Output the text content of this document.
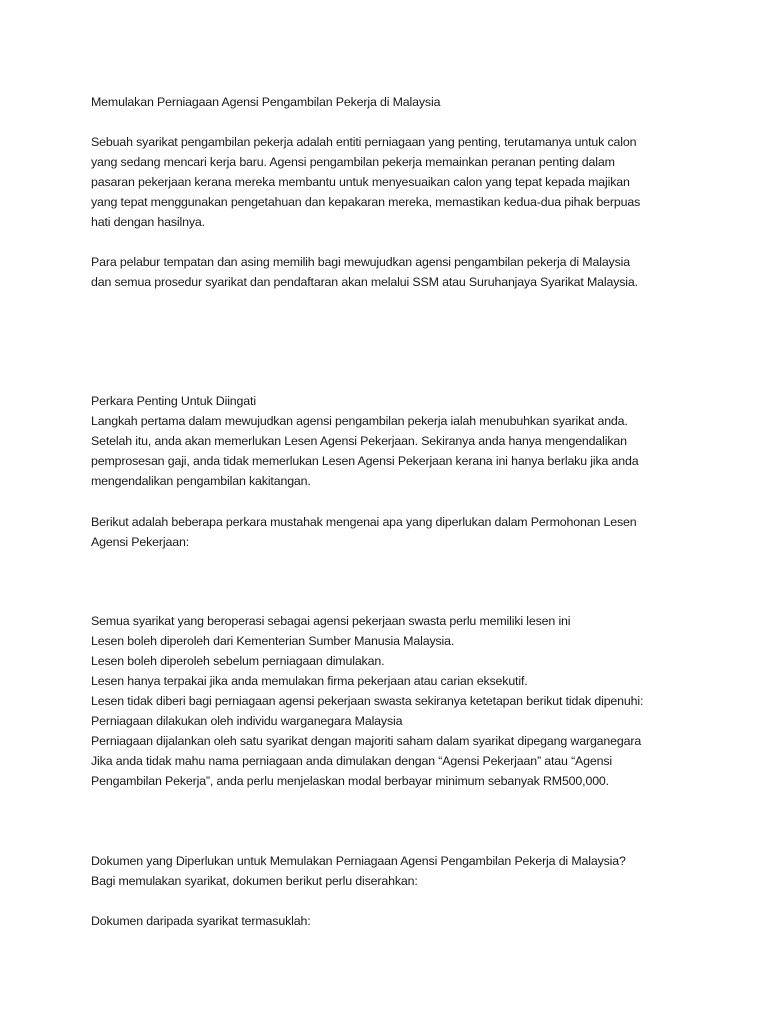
Memulakan Perniagaan Agensi Pengambilan Pekerja di Malaysia

Sebuah syarikat pengambilan pekerja adalah entiti perniagaan yang penting, terutamanya untuk calon

yang sedang mencari kerja baru. Agensi pengambilan pekerja memainkan peranan penting dalam

pasaran pekerjaan kerana mereka membantu untuk menyesuaikan calon yang tepat kepada majikan

yang tepat menggunakan pengetahuan dan kepakaran mereka, memastikan kedua-dua pihak berpuas

hati dengan hasilnya.

Para pelabur tempatan dan asing memilih bagi mewujudkan agensi pengambilan pekerja di Malaysia

dan semua prosedur syarikat dan pendaftaran akan melalui SSM atau Suruhanjaya Syarikat Malaysia.

Perkara Penting Untuk Diingati

Langkah pertama dalam mewujudkan agensi pengambilan pekerja ialah menubuhkan syarikat anda.

Setelah itu, anda akan memerlukan Lesen Agensi Pekerjaan. Sekiranya anda hanya mengendalikan

pemprosesan gaji, anda tidak memerlukan Lesen Agensi Pekerjaan kerana ini hanya berlaku jika anda

mengendalikan pengambilan kakitangan.

Berikut adalah beberapa perkara mustahak mengenai apa yang diperlukan dalam Permohonan Lesen

Agensi Pekerjaan:

Semua syarikat yang beroperasi sebagai agensi pekerjaan swasta perlu memiliki lesen ini

Lesen boleh diperoleh dari Kementerian Sumber Manusia Malaysia.

Lesen boleh diperoleh sebelum perniagaan dimulakan.

Lesen hanya terpakai jika anda memulakan firma pekerjaan atau carian eksekutif.

Lesen tidak diberi bagi perniagaan agensi pekerjaan swasta sekiranya ketetapan berikut tidak dipenuhi:

Perniagaan dilakukan oleh individu warganegara Malaysia

Perniagaan dijalankan oleh satu syarikat dengan majoriti saham dalam syarikat dipegang warganegara

Jika anda tidak mahu nama perniagaan anda dimulakan dengan “Agensi Pekerjaan” atau “Agensi

Pengambilan Pekerja”, anda perlu menjelaskan modal berbayar minimum sebanyak RM500,000.

Dokumen yang Diperlukan untuk Memulakan Perniagaan Agensi Pengambilan Pekerja di Malaysia?

Bagi memulakan syarikat, dokumen berikut perlu diserahkan:

Dokumen daripada syarikat termasuklah:
